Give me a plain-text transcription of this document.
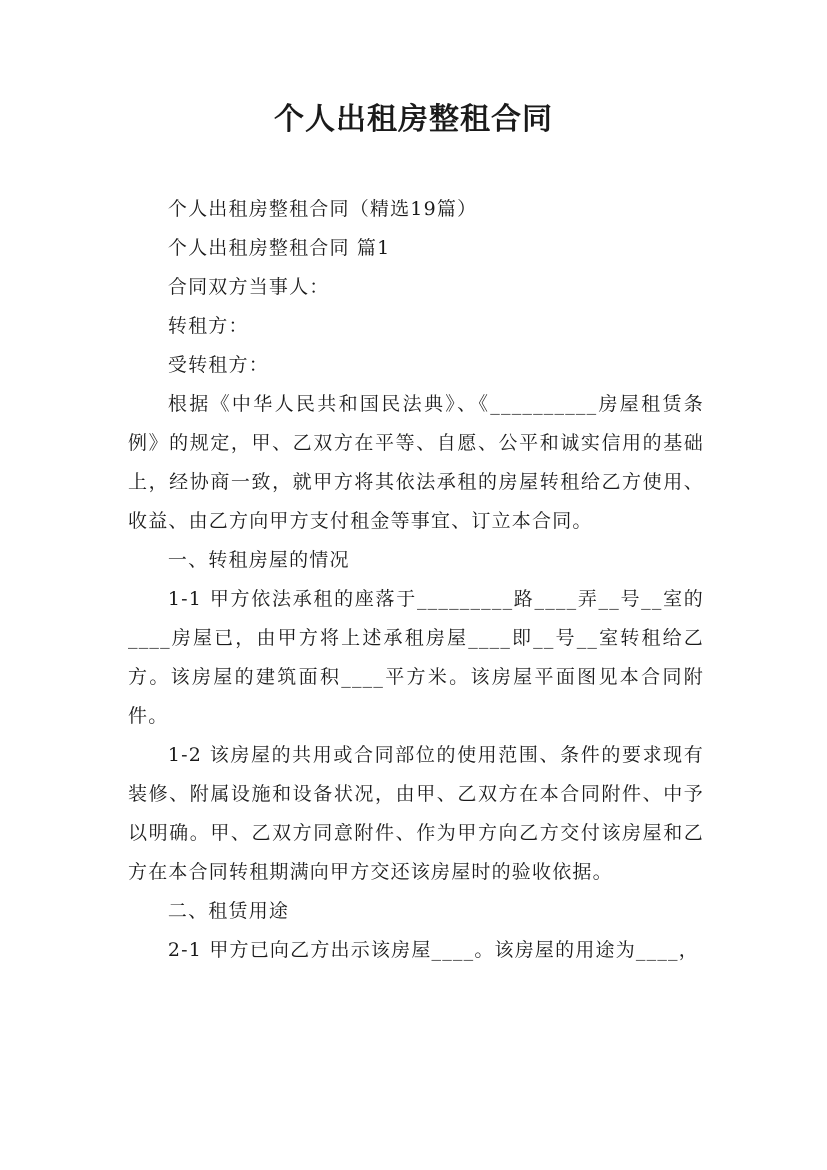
个人出租房整租合同

个人出租房整租合同（精选19篇）

个人出租房整租合同 篇1

合同双方当事人：

转租方：

受转租方：

根据《中华人民共和国民法典》、《__________房屋租赁条例》的规定，甲、乙双方在平等、自愿、公平和诚实信用的基础上，经协商一致，就甲方将其依法承租的房屋转租给乙方使用、收益、由乙方向甲方支付租金等事宜、订立本合同。

一、转租房屋的情况

1-1 甲方依法承租的座落于_________路____弄__号__室的____房屋已，由甲方将上述承租房屋____即__号__室转租给乙方。该房屋的建筑面积____平方米。该房屋平面图见本合同附件。

1-2 该房屋的共用或合同部位的使用范围、条件的要求现有装修、附属设施和设备状况，由甲、乙双方在本合同附件、中予以明确。甲、乙双方同意附件、作为甲方向乙方交付该房屋和乙方在本合同转租期满向甲方交还该房屋时的验收依据。

二、租赁用途

2-1 甲方已向乙方出示该房屋____。该房屋的用途为____，
